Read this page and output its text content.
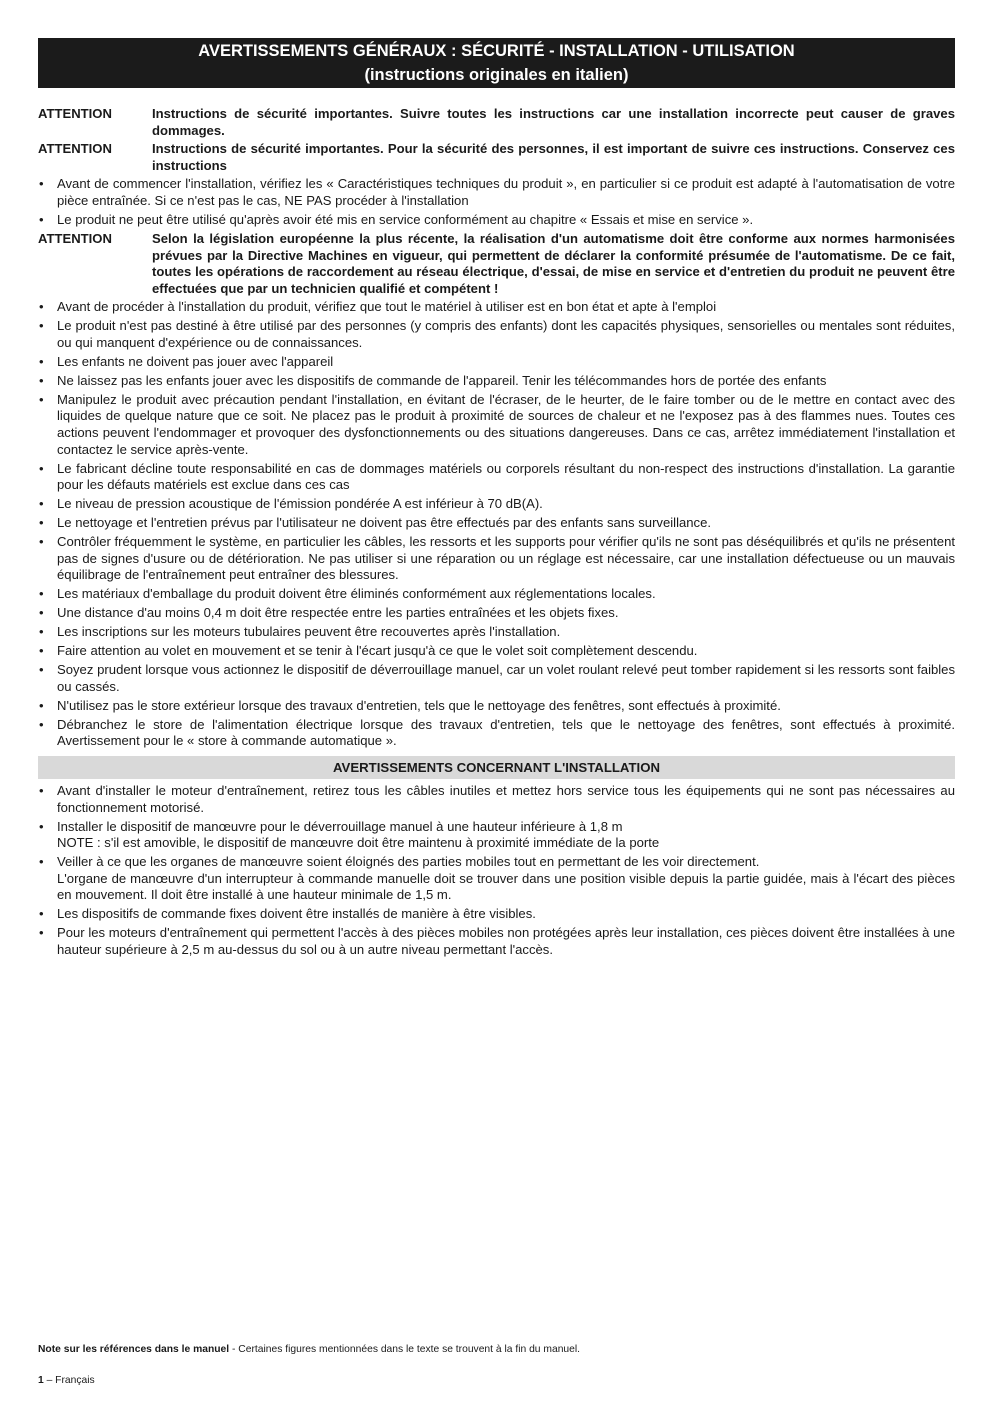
AVERTISSEMENTS GÉNÉRAUX : SÉCURITÉ - INSTALLATION - UTILISATION
(instructions originales en italien)
ATTENTION	Instructions de sécurité importantes. Suivre toutes les instructions car une installation incorrecte peut causer de graves dommages.
ATTENTION	Instructions de sécurité importantes. Pour la sécurité des personnes, il est important de suivre ces instructions. Conservez ces instructions
• Avant de commencer l'installation, vérifiez les « Caractéristiques techniques du produit », en particulier si ce produit est adapté à l'automatisation de votre pièce entraînée. Si ce n'est pas le cas, NE PAS procéder à l'installation
• Le produit ne peut être utilisé qu'après avoir été mis en service conformément au chapitre « Essais et mise en service ».
ATTENTION	Selon la législation européenne la plus récente, la réalisation d'un automatisme doit être conforme aux normes harmonisées prévues par la Directive Machines en vigueur, qui permettent de déclarer la conformité présumée de l'automatisme. De ce fait, toutes les opérations de raccordement au réseau électrique, d'essai, de mise en service et d'entretien du produit ne peuvent être effectuées que par un technicien qualifié et compétent !
• Avant de procéder à l'installation du produit, vérifiez que tout le matériel à utiliser est en bon état et apte à l'emploi
• Le produit n'est pas destiné à être utilisé par des personnes (y compris des enfants) dont les capacités physiques, sensorielles ou mentales sont réduites, ou qui manquent d'expérience ou de connaissances.
• Les enfants ne doivent pas jouer avec l'appareil
• Ne laissez pas les enfants jouer avec les dispositifs de commande de l'appareil. Tenir les télécommandes hors de portée des enfants
• Manipulez le produit avec précaution pendant l'installation, en évitant de l'écraser, de le heurter, de le faire tomber ou de le mettre en contact avec des liquides de quelque nature que ce soit. Ne placez pas le produit à proximité de sources de chaleur et ne l'exposez pas à des flammes nues. Toutes ces actions peuvent l'endommager et provoquer des dysfonctionnements ou des situations dangereuses. Dans ce cas, arrêtez immédiatement l'installation et contactez le service après-vente.
• Le fabricant décline toute responsabilité en cas de dommages matériels ou corporels résultant du non-respect des instructions d'installation. La garantie pour les défauts matériels est exclue dans ces cas
• Le niveau de pression acoustique de l'émission pondérée A est inférieur à 70 dB(A).
• Le nettoyage et l'entretien prévus par l'utilisateur ne doivent pas être effectués par des enfants sans surveillance.
• Contrôler fréquemment le système, en particulier les câbles, les ressorts et les supports pour vérifier qu'ils ne sont pas déséquilibrés et qu'ils ne présentent pas de signes d'usure ou de détérioration. Ne pas utiliser si une réparation ou un réglage est nécessaire, car une installation défectueuse ou un mauvais équilibrage de l'entraînement peut entraîner des blessures.
• Les matériaux d'emballage du produit doivent être éliminés conformément aux réglementations locales.
• Une distance d'au moins 0,4 m doit être respectée entre les parties entraînées et les objets fixes.
• Les inscriptions sur les moteurs tubulaires peuvent être recouvertes après l'installation.
• Faire attention au volet en mouvement et se tenir à l'écart jusqu'à ce que le volet soit complètement descendu.
• Soyez prudent lorsque vous actionnez le dispositif de déverrouillage manuel, car un volet roulant relevé peut tomber rapidement si les ressorts sont faibles ou cassés.
• N'utilisez pas le store extérieur lorsque des travaux d'entretien, tels que le nettoyage des fenêtres, sont effectués à proximité.
• Débranchez le store de l'alimentation électrique lorsque des travaux d'entretien, tels que le nettoyage des fenêtres, sont effectués à proximité. Avertissement pour le « store à commande automatique ».
AVERTISSEMENTS CONCERNANT L'INSTALLATION
• Avant d'installer le moteur d'entraînement, retirez tous les câbles inutiles et mettez hors service tous les équipements qui ne sont pas nécessaires au fonctionnement motorisé.
• Installer le dispositif de manœuvre pour le déverrouillage manuel à une hauteur inférieure à 1,8 m
NOTE : s'il est amovible, le dispositif de manœuvre doit être maintenu à proximité immédiate de la porte
• Veiller à ce que les organes de manœuvre soient éloignés des parties mobiles tout en permettant de les voir directement.
L'organe de manœuvre d'un interrupteur à commande manuelle doit se trouver dans une position visible depuis la partie guidée, mais à l'écart des pièces en mouvement. Il doit être installé à une hauteur minimale de 1,5 m.
• Les dispositifs de commande fixes doivent être installés de manière à être visibles.
• Pour les moteurs d'entraînement qui permettent l'accès à des pièces mobiles non protégées après leur installation, ces pièces doivent être installées à une hauteur supérieure à 2,5 m au-dessus du sol ou à un autre niveau permettant l'accès.
Note sur les références dans le manuel - Certaines figures mentionnées dans le texte se trouvent à la fin du manuel.
1 – Français
